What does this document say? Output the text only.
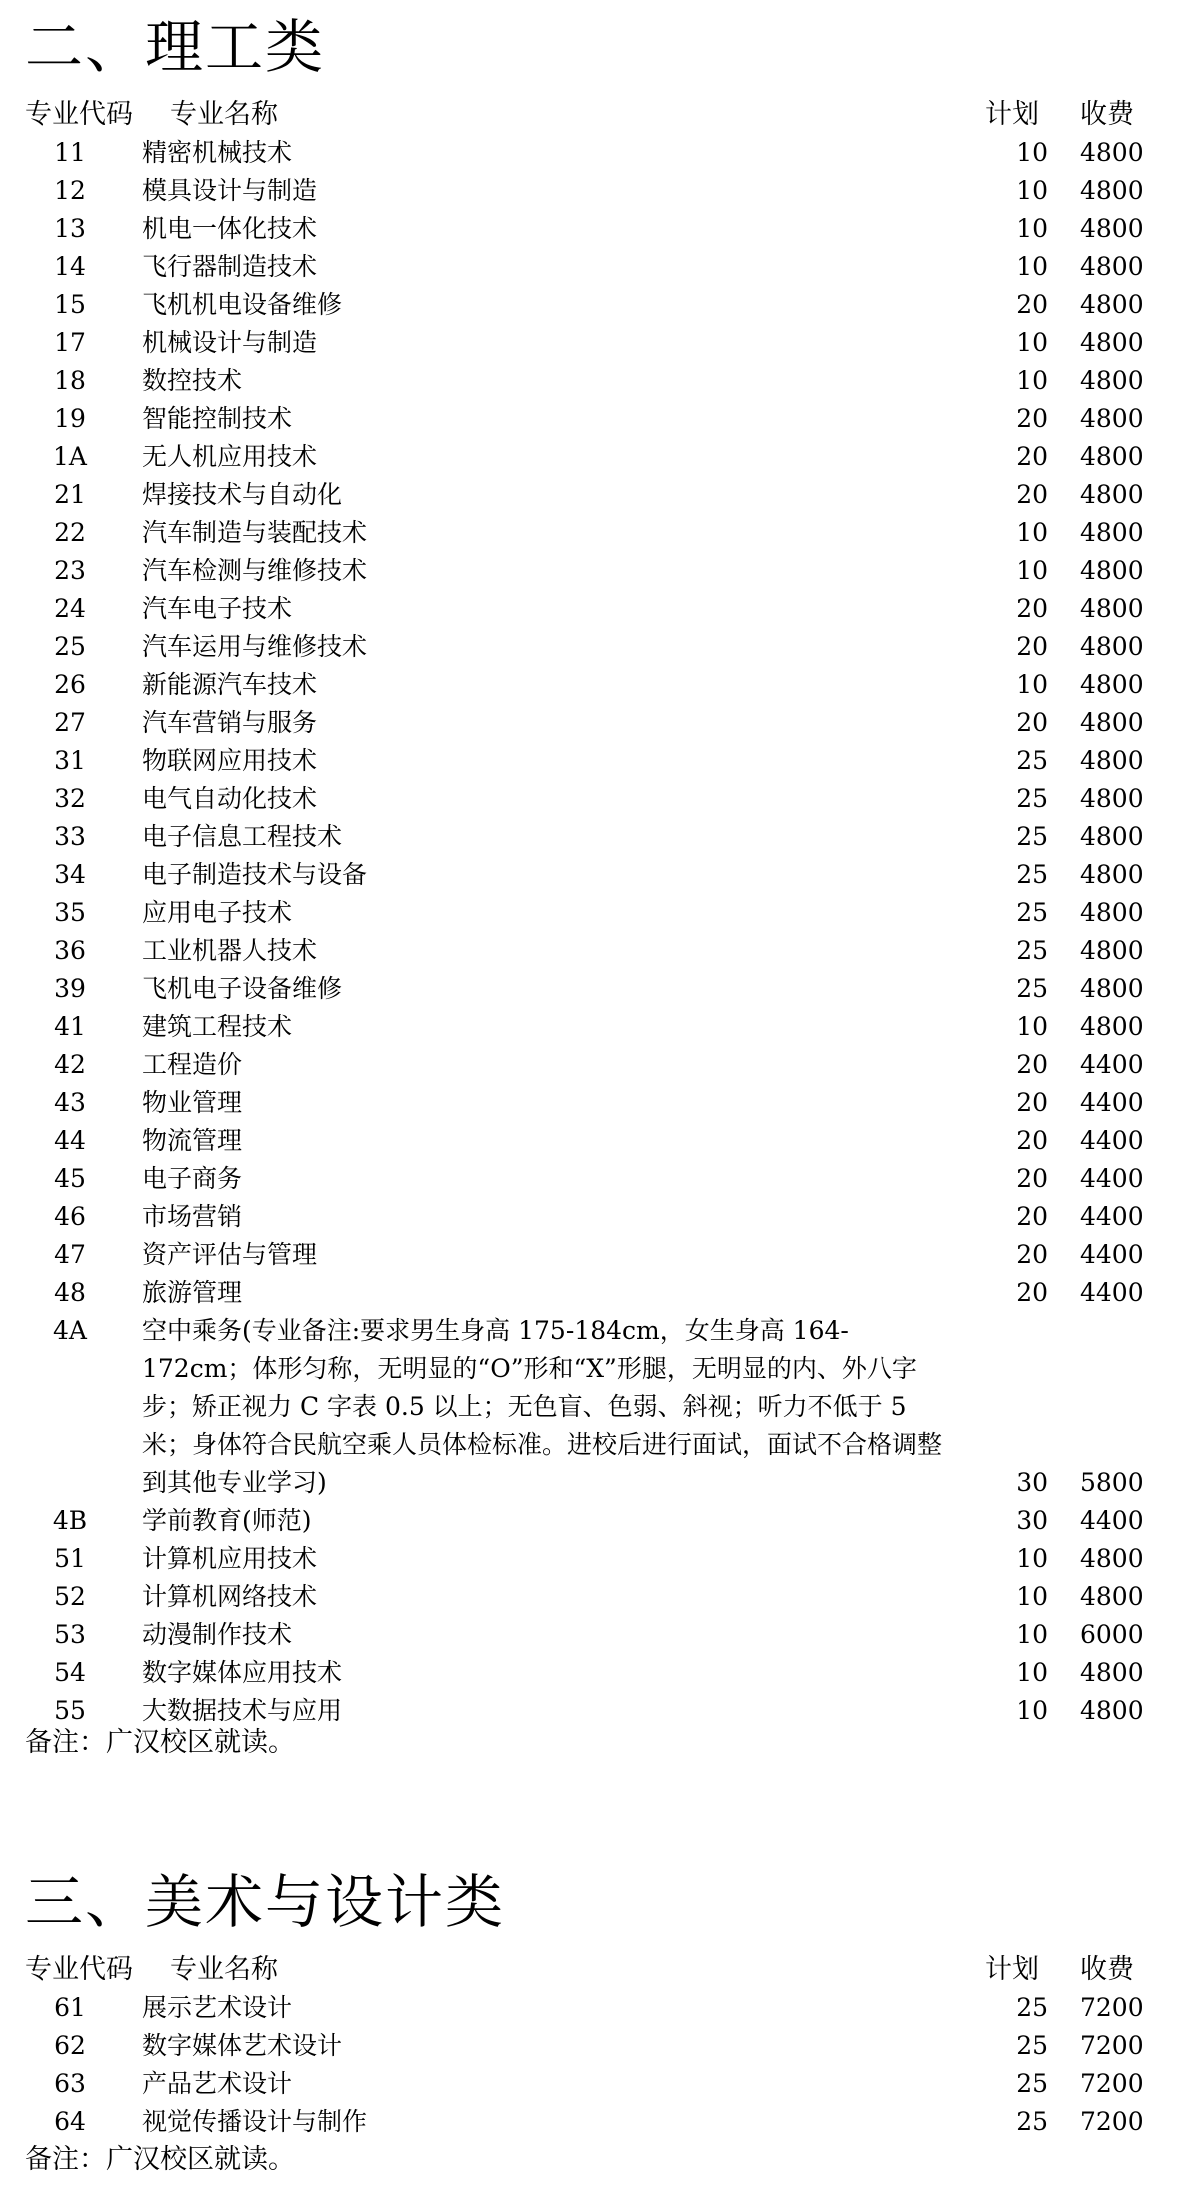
二、理工类
专业代码 专业名称	计划 收费
11	精密机械技术	10 4800
12	模具设计与制造	10 4800
13	机电一体化技术	10 4800
14	飞行器制造技术	10 4800
15	飞机机电设备维修	20 4800
17	机械设计与制造	10 4800
18	数控技术	10 4800
19	智能控制技术	20 4800
1A	无人机应用技术	20 4800
21	焊接技术与自动化	20 4800
22	汽车制造与装配技术	10 4800
23	汽车检测与维修技术	10 4800
24	汽车电子技术	20 4800
25	汽车运用与维修技术	20 4800
26	新能源汽车技术	10 4800
27	汽车营销与服务	20 4800
31	物联网应用技术	25 4800
32	电气自动化技术	25 4800
33	电子信息工程技术	25 4800
34	电子制造技术与设备	25 4800
35	应用电子技术	25 4800
36	工业机器人技术	25 4800
39	飞机电子设备维修	25 4800
41	建筑工程技术	10 4800
42	工程造价	20 4400
43	物业管理	20 4400
44	物流管理	20 4400
45	电子商务	20 4400
46	市场营销	20 4400
47	资产评估与管理	20 4400
48	旅游管理	20 4400
4A	空中乘务(专业备注:要求男生身高 175-184cm，女生身高 164-172cm；体形匀称，无明显的“O”形和“X”形腿，无明显的内、外八字步；矫正视力 C 字表 0.5 以上；无色盲、色弱、斜视；听力不低于 5 米；身体符合民航空乘人员体检标准。进校后进行面试，面试不合格调整到其他专业学习)	30 5800
4B	学前教育(师范)	30 4400
51	计算机应用技术	10 4800
52	计算机网络技术	10 4800
53	动漫制作技术	10 6000
54	数字媒体应用技术	10 4800
55	大数据技术与应用	10 4800
备注：广汉校区就读。
三、美术与设计类
专业代码 专业名称	计划 收费
61	展示艺术设计	25 7200
62	数字媒体艺术设计	25 7200
63	产品艺术设计	25 7200
64	视觉传播设计与制作	25 7200
备注：广汉校区就读。
